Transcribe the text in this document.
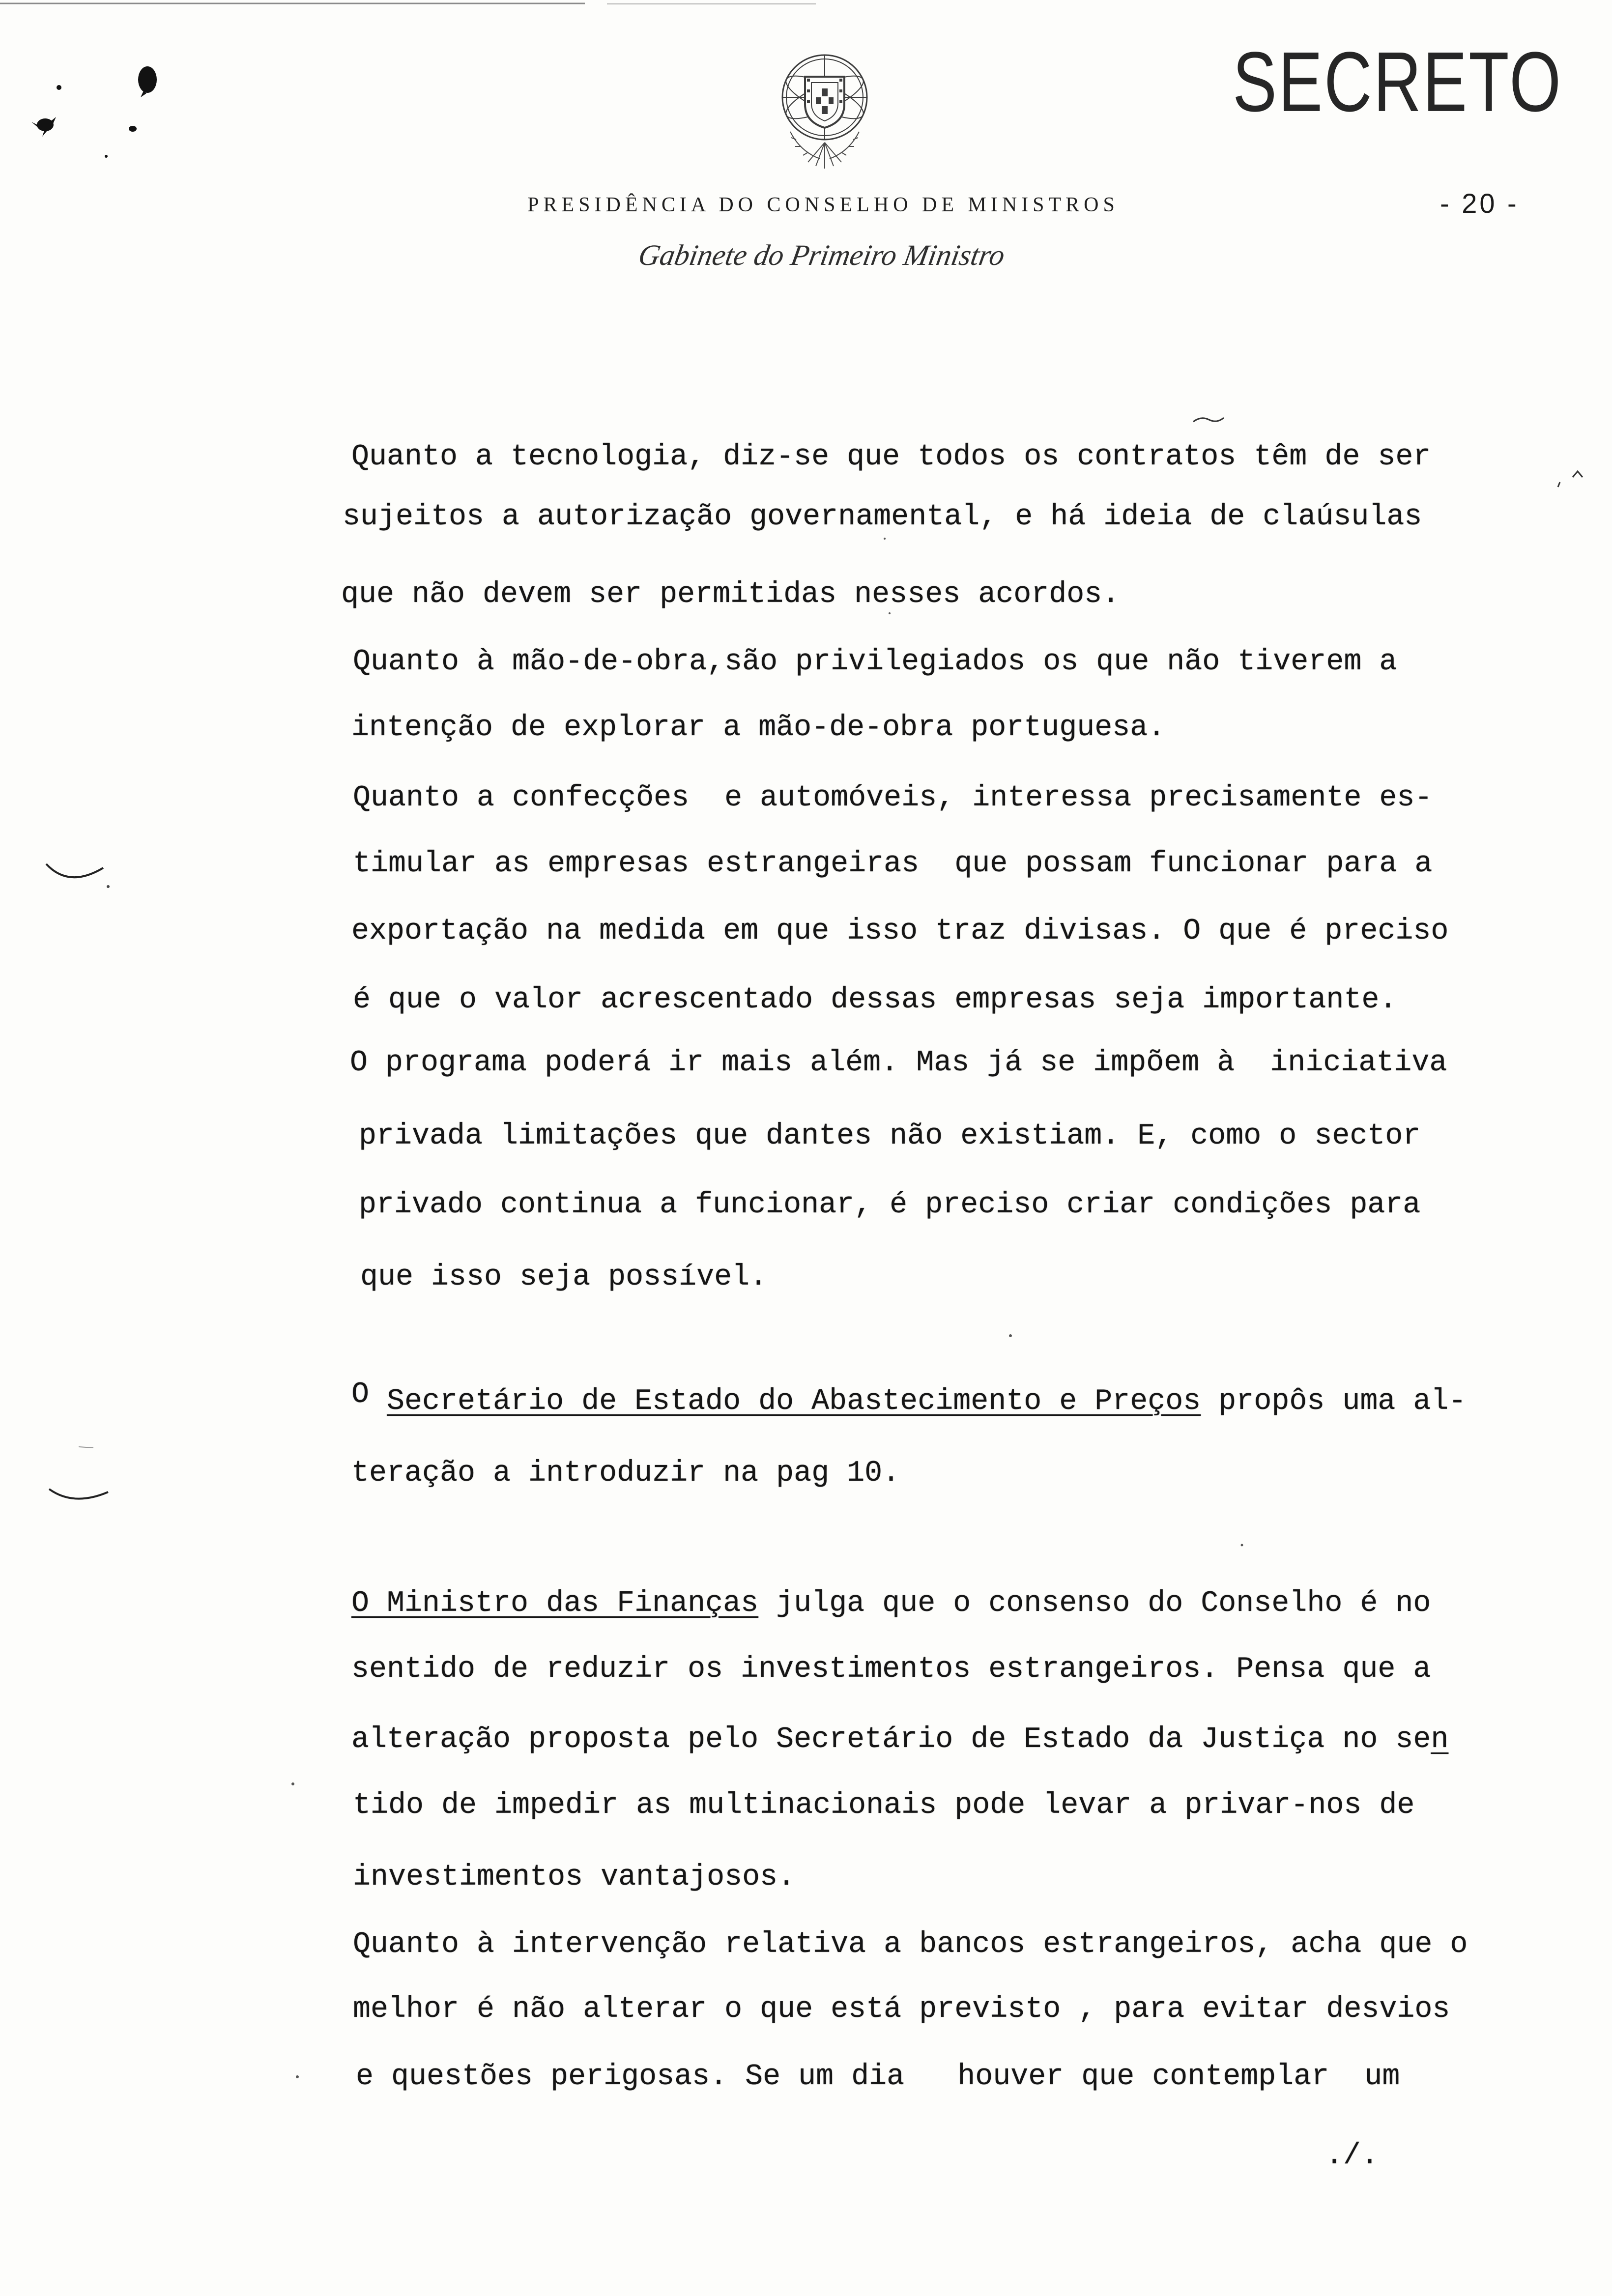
SECRETO
PRESIDÊNCIA DO CONSELHO DE MINISTROS	- 20 -
Gabinete do Primeiro Ministro
Quanto a tecnologia, diz-se que todos os contratos têm de ser
sujeitos a autorização governamental, e há ideia de claúsulas
que não devem ser permitidas nesses acordos.
Quanto à mão-de-obra,são privilegiados os que não tiverem a
intenção de explorar a mão-de-obra portuguesa.
Quanto a confecções  e automóveis, interessa precisamente es-
timular as empresas estrangeiras  que possam funcionar para a
exportação na medida em que isso traz divisas. O que é preciso
é que o valor acrescentado dessas empresas seja importante.
O programa poderá ir mais além. Mas já se impõem à  iniciativa
privada limitações que dantes não existiam. E, como o sector
privado continua a funcionar, é preciso criar condições para
que isso seja possível.
O Secretário de Estado do Abastecimento e Preços propôs uma al-
teração a introduzir na pag 10.
O Ministro das Finanças julga que o consenso do Conselho é no
sentido de reduzir os investimentos estrangeiros. Pensa que a
alteração proposta pelo Secretário de Estado da Justiça no sen
tido de impedir as multinacionais pode levar a privar-nos de
investimentos vantajosos.
Quanto à intervenção relativa a bancos estrangeiros, acha que o
melhor é não alterar o que está previsto , para evitar desvios
e questões perigosas. Se um dia   houver que contemplar  um
./.
